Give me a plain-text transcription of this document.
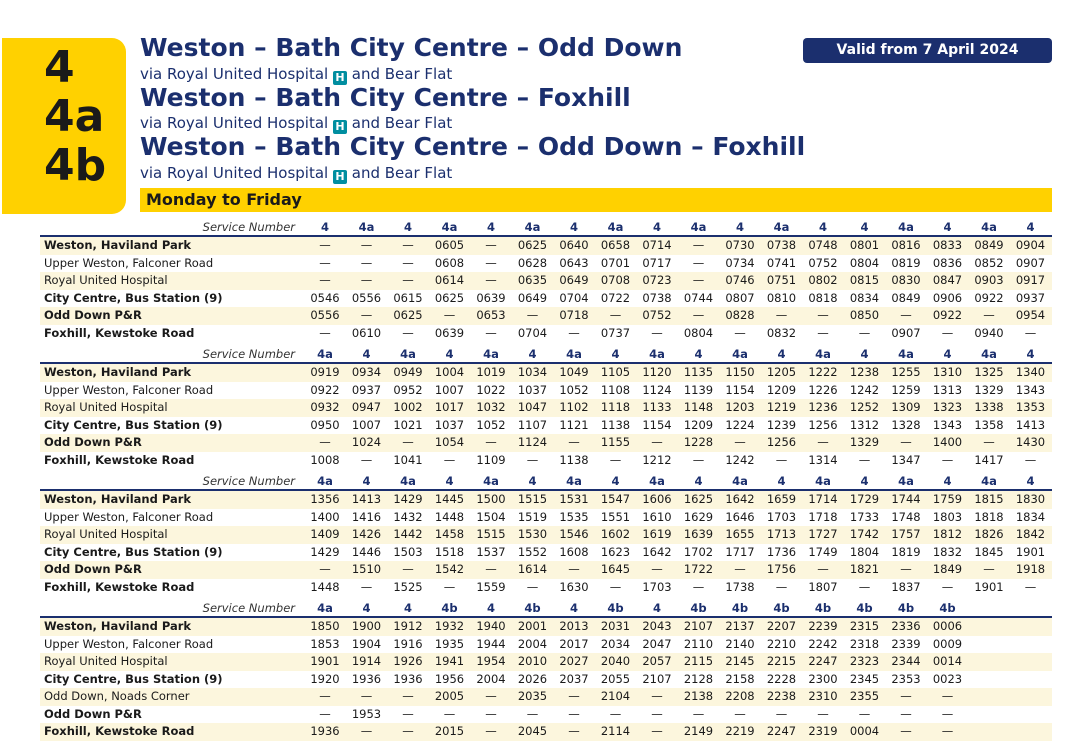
4
4a
4b
Weston – Bath City Centre – Odd Down
via Royal United Hospital H and Bear Flat
Weston – Bath City Centre – Foxhill
via Royal United Hospital H and Bear Flat
Weston – Bath City Centre – Odd Down – Foxhill
via Royal United Hospital H and Bear Flat
Valid from 7 April 2024
Monday to Friday
Service Number	4	4a	4	4a	4	4a	4	4a	4	4a	4	4a	4	4	4a	4	4a	4
Weston, Haviland Park	—	—	—	0605	—	0625	0640	0658	0714	—	0730	0738	0748	0801	0816	0833	0849	0904
Upper Weston, Falconer Road	—	—	—	0608	—	0628	0643	0701	0717	—	0734	0741	0752	0804	0819	0836	0852	0907
Royal United Hospital	—	—	—	0614	—	0635	0649	0708	0723	—	0746	0751	0802	0815	0830	0847	0903	0917
City Centre, Bus Station (9)	0546	0556	0615	0625	0639	0649	0704	0722	0738	0744	0807	0810	0818	0834	0849	0906	0922	0937
Odd Down P&R	0556	—	0625	—	0653	—	0718	—	0752	—	0828	—	—	0850	—	0922	—	0954
Foxhill, Kewstoke Road	—	0610	—	0639	—	0704	—	0737	—	0804	—	0832	—	—	0907	—	0940	—
Service Number	4a	4	4a	4	4a	4	4a	4	4a	4	4a	4	4a	4	4a	4	4a	4
Weston, Haviland Park	0919	0934	0949	1004	1019	1034	1049	1105	1120	1135	1150	1205	1222	1238	1255	1310	1325	1340
Upper Weston, Falconer Road	0922	0937	0952	1007	1022	1037	1052	1108	1124	1139	1154	1209	1226	1242	1259	1313	1329	1343
Royal United Hospital	0932	0947	1002	1017	1032	1047	1102	1118	1133	1148	1203	1219	1236	1252	1309	1323	1338	1353
City Centre, Bus Station (9)	0950	1007	1021	1037	1052	1107	1121	1138	1154	1209	1224	1239	1256	1312	1328	1343	1358	1413
Odd Down P&R	—	1024	—	1054	—	1124	—	1155	—	1228	—	1256	—	1329	—	1400	—	1430
Foxhill, Kewstoke Road	1008	—	1041	—	1109	—	1138	—	1212	—	1242	—	1314	—	1347	—	1417	—
Service Number	4a	4	4a	4	4a	4	4a	4	4a	4	4a	4	4a	4	4a	4	4a	4
Weston, Haviland Park	1356	1413	1429	1445	1500	1515	1531	1547	1606	1625	1642	1659	1714	1729	1744	1759	1815	1830
Upper Weston, Falconer Road	1400	1416	1432	1448	1504	1519	1535	1551	1610	1629	1646	1703	1718	1733	1748	1803	1818	1834
Royal United Hospital	1409	1426	1442	1458	1515	1530	1546	1602	1619	1639	1655	1713	1727	1742	1757	1812	1826	1842
City Centre, Bus Station (9)	1429	1446	1503	1518	1537	1552	1608	1623	1642	1702	1717	1736	1749	1804	1819	1832	1845	1901
Odd Down P&R	—	1510	—	1542	—	1614	—	1645	—	1722	—	1756	—	1821	—	1849	—	1918
Foxhill, Kewstoke Road	1448	—	1525	—	1559	—	1630	—	1703	—	1738	—	1807	—	1837	—	1901	—
Service Number	4a	4	4	4b	4	4b	4	4b	4	4b	4b	4b	4b	4b	4b	4b
Weston, Haviland Park	1850	1900	1912	1932	1940	2001	2013	2031	2043	2107	2137	2207	2239	2315	2336	0006
Upper Weston, Falconer Road	1853	1904	1916	1935	1944	2004	2017	2034	2047	2110	2140	2210	2242	2318	2339	0009
Royal United Hospital	1901	1914	1926	1941	1954	2010	2027	2040	2057	2115	2145	2215	2247	2323	2344	0014
City Centre, Bus Station (9)	1920	1936	1936	1956	2004	2026	2037	2055	2107	2128	2158	2228	2300	2345	2353	0023
Odd Down, Noads Corner	—	—	—	2005	—	2035	—	2104	—	2138	2208	2238	2310	2355	—	—
Odd Down P&R	—	1953	—	—	—	—	—	—	—	—	—	—	—	—	—	—
Foxhill, Kewstoke Road	1936	—	—	2015	—	2045	—	2114	—	2149	2219	2247	2319	0004	—	—
